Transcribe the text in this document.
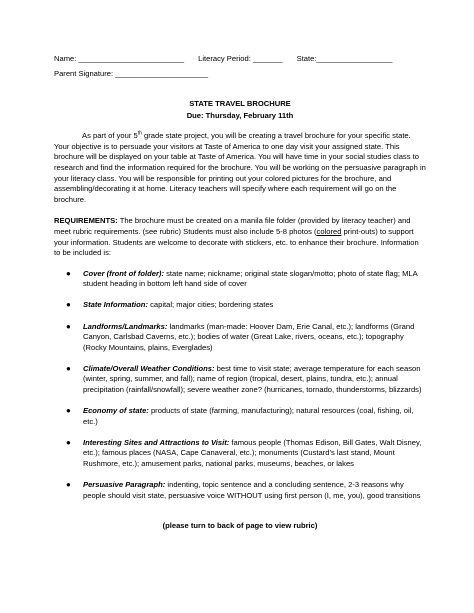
Name:
_________________________ Literacy Period:
_______ State: __________________
Parent Signature: ______________________
STATE TRAVEL BROCHURE
Due: Thursday, February 11th

As part of your 5th grade state project, you will be creating a travel brochure for your specific state. Your objective is to persuade your visitors at Taste of America to one day visit your assigned state. This brochure will be displayed on your table at Taste of America. You will have time in your social studies class to research and find the information required for the brochure. You will be working on the persuasive paragraph in your literacy class. You will be responsible for printing out your colored pictures for the brochure, and assembling/decorating it at home. Literacy teachers will specify where each requirement will go on the brochure.

REQUIREMENTS: The brochure must be created on a manila file folder (provided by literacy teacher) and meet rubric requirements. (see rubric) Students must also include 5-8 photos (colored print-outs) to support your information. Students are welcome to decorate with stickers, etc. to enhance their brochure. Information to be included is:

● Cover (front of folder): state name; nickname; original state slogan/motto; photo of state flag; MLA student heading in bottom left hand side of cover
● State Information: capital; major cities; bordering states
● Landforms/Landmarks: landmarks (man-made: Hoover Dam, Erie Canal, etc.); landforms (Grand Canyon, Carlsbad Caverns, etc.); bodies of water (Great Lake, rivers, oceans, etc.); topography (Rocky Mountains, plains, Everglades)
● Climate/Overall Weather Conditions: best time to visit state; average temperature for each season (winter, spring, summer, and fall); name of region (tropical, desert, plains, tundra, etc.); annual precipitation (rainfall/snowfall); severe weather zone? (hurricanes, tornado, thunderstorms, blizzards)
● Economy of state: products of state (farming, manufacturing); natural resources (coal, fishing, oil, etc.)
● Interesting Sites and Attractions to Visit: famous people (Thomas Edison, Bill Gates, Walt Disney, etc.); famous places (NASA, Cape Canaveral, etc.); monuments (Custard’s last stand, Mount Rushmore, etc.); amusement parks, national parks, museums, beaches, or lakes
● Persuasive Paragraph: indenting, topic sentence and a concluding sentence, 2-3 reasons why people should visit state, persuasive voice WITHOUT using first person (I, me, you), good transitions
(please turn to back of page to view rubric)
